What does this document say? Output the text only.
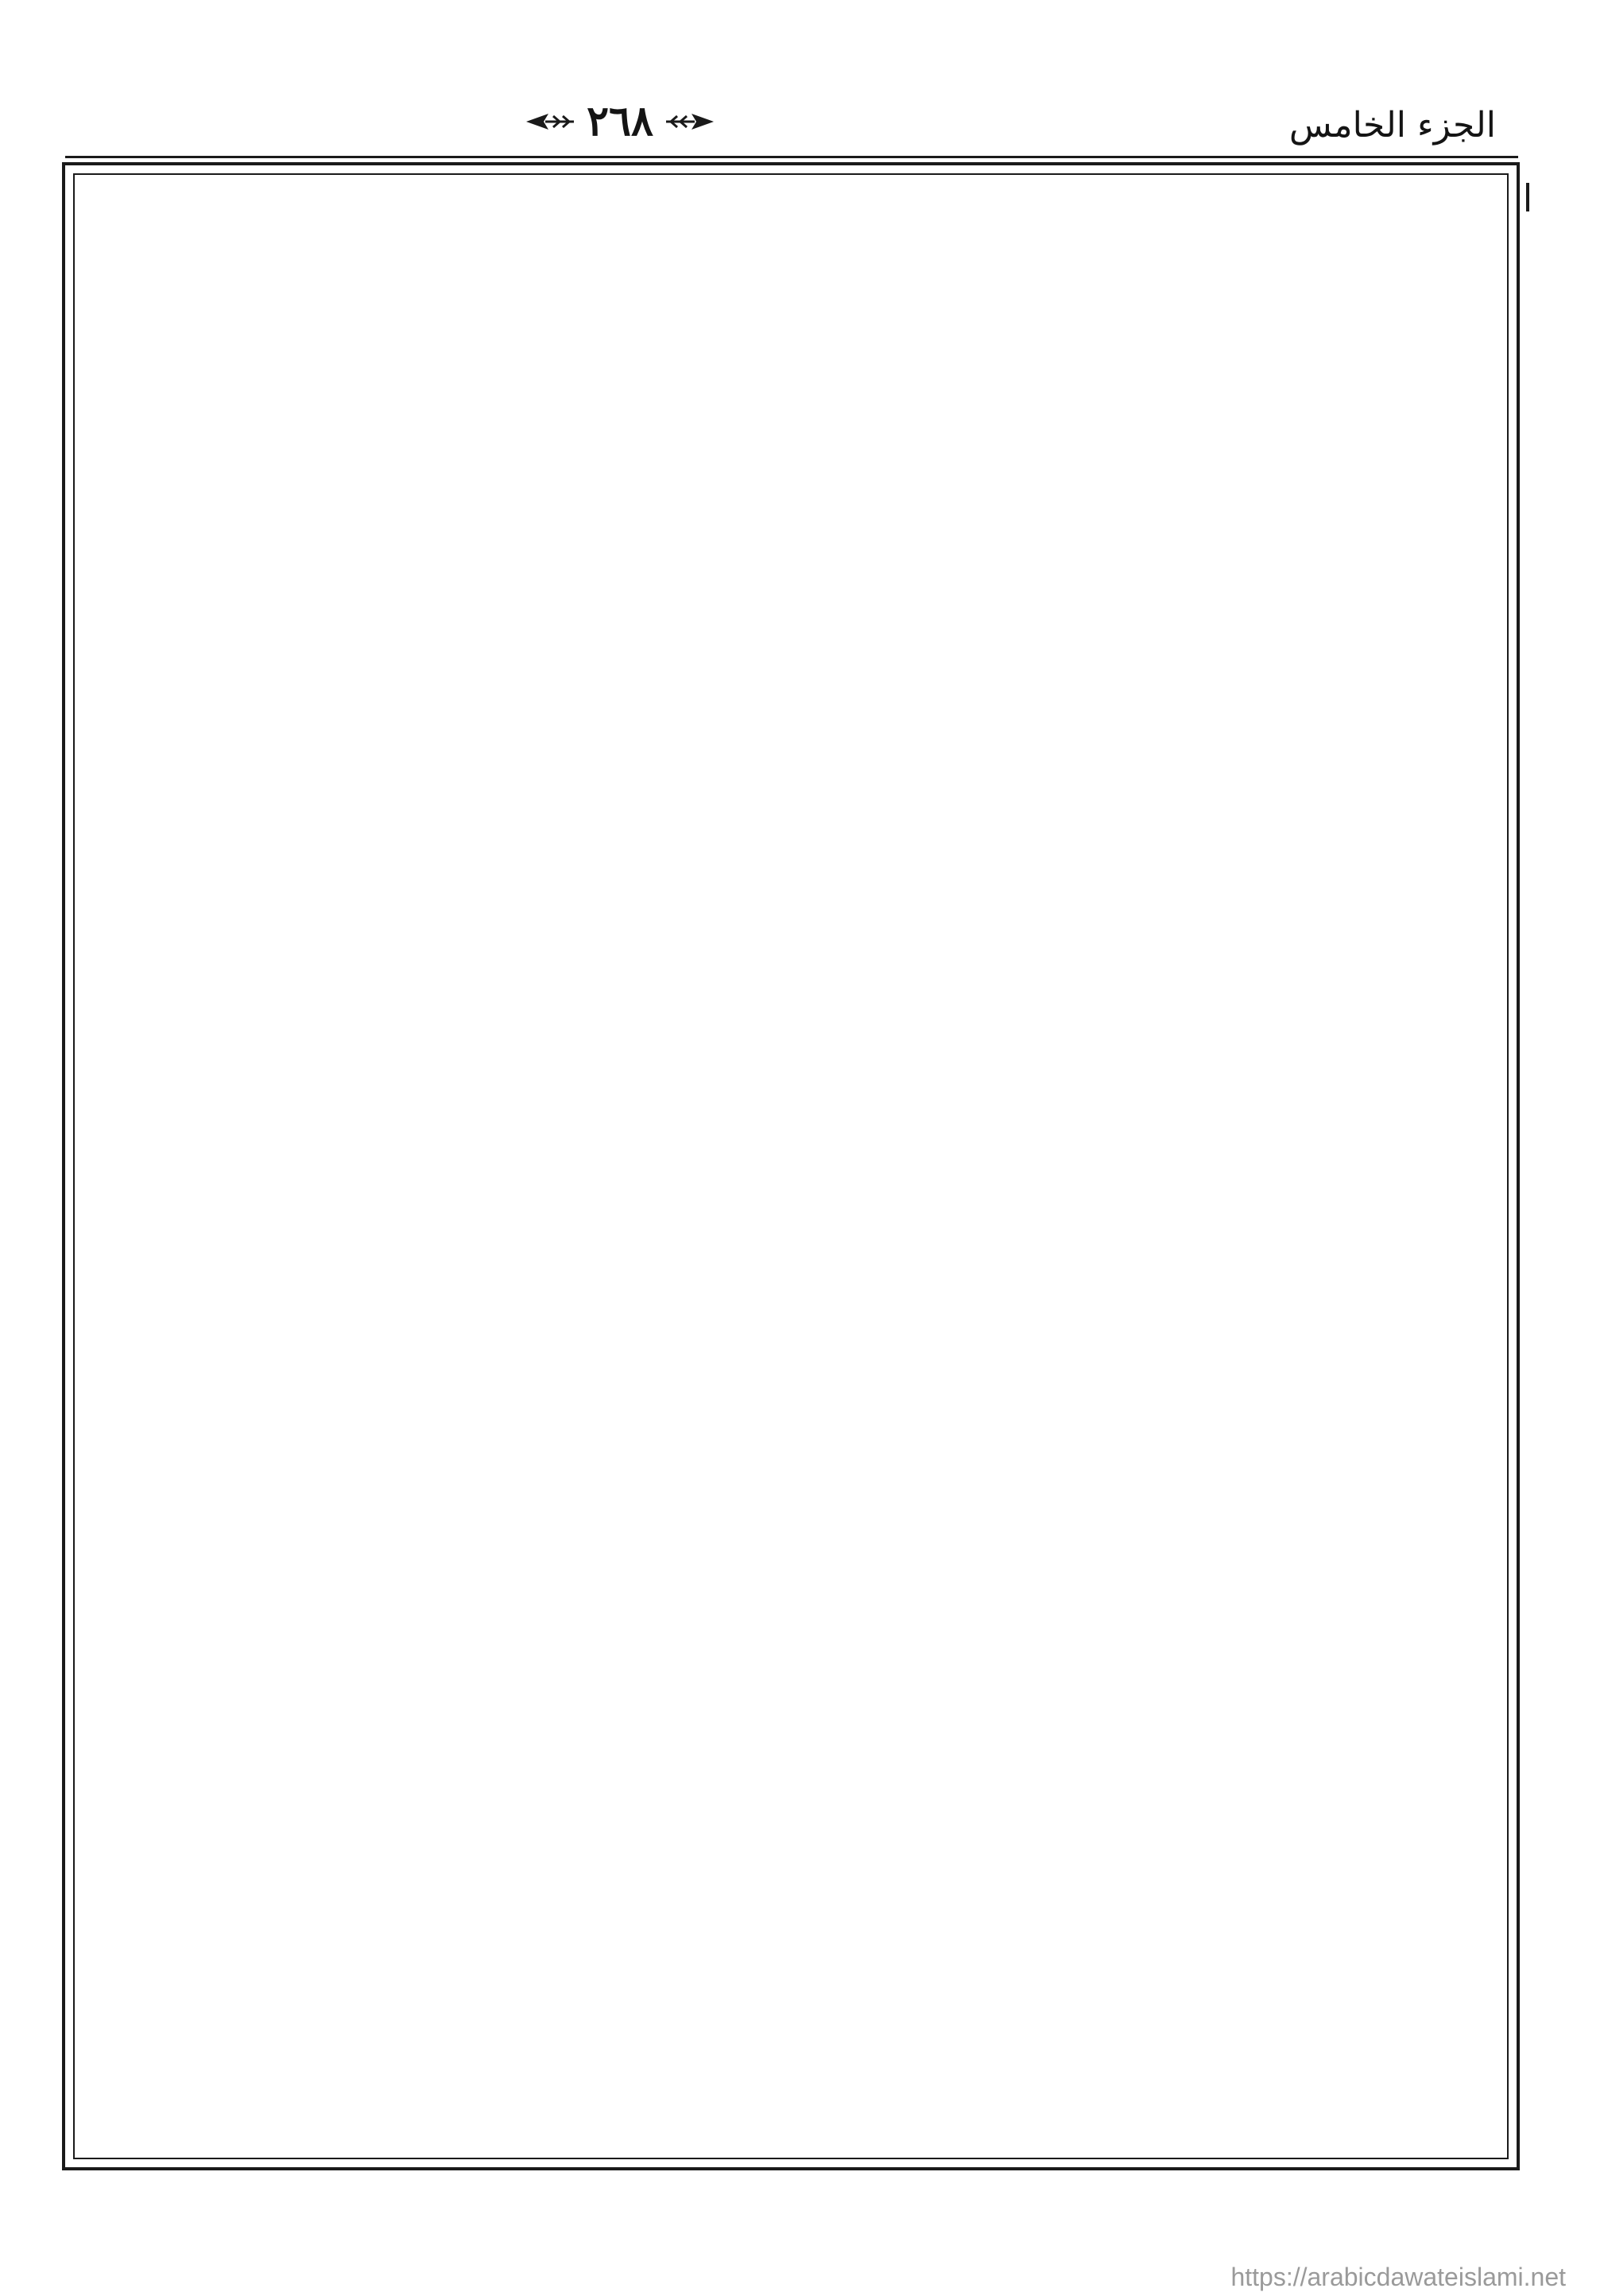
الجزء الخامس
٢٦٨
https://arabicdawateislami.net
